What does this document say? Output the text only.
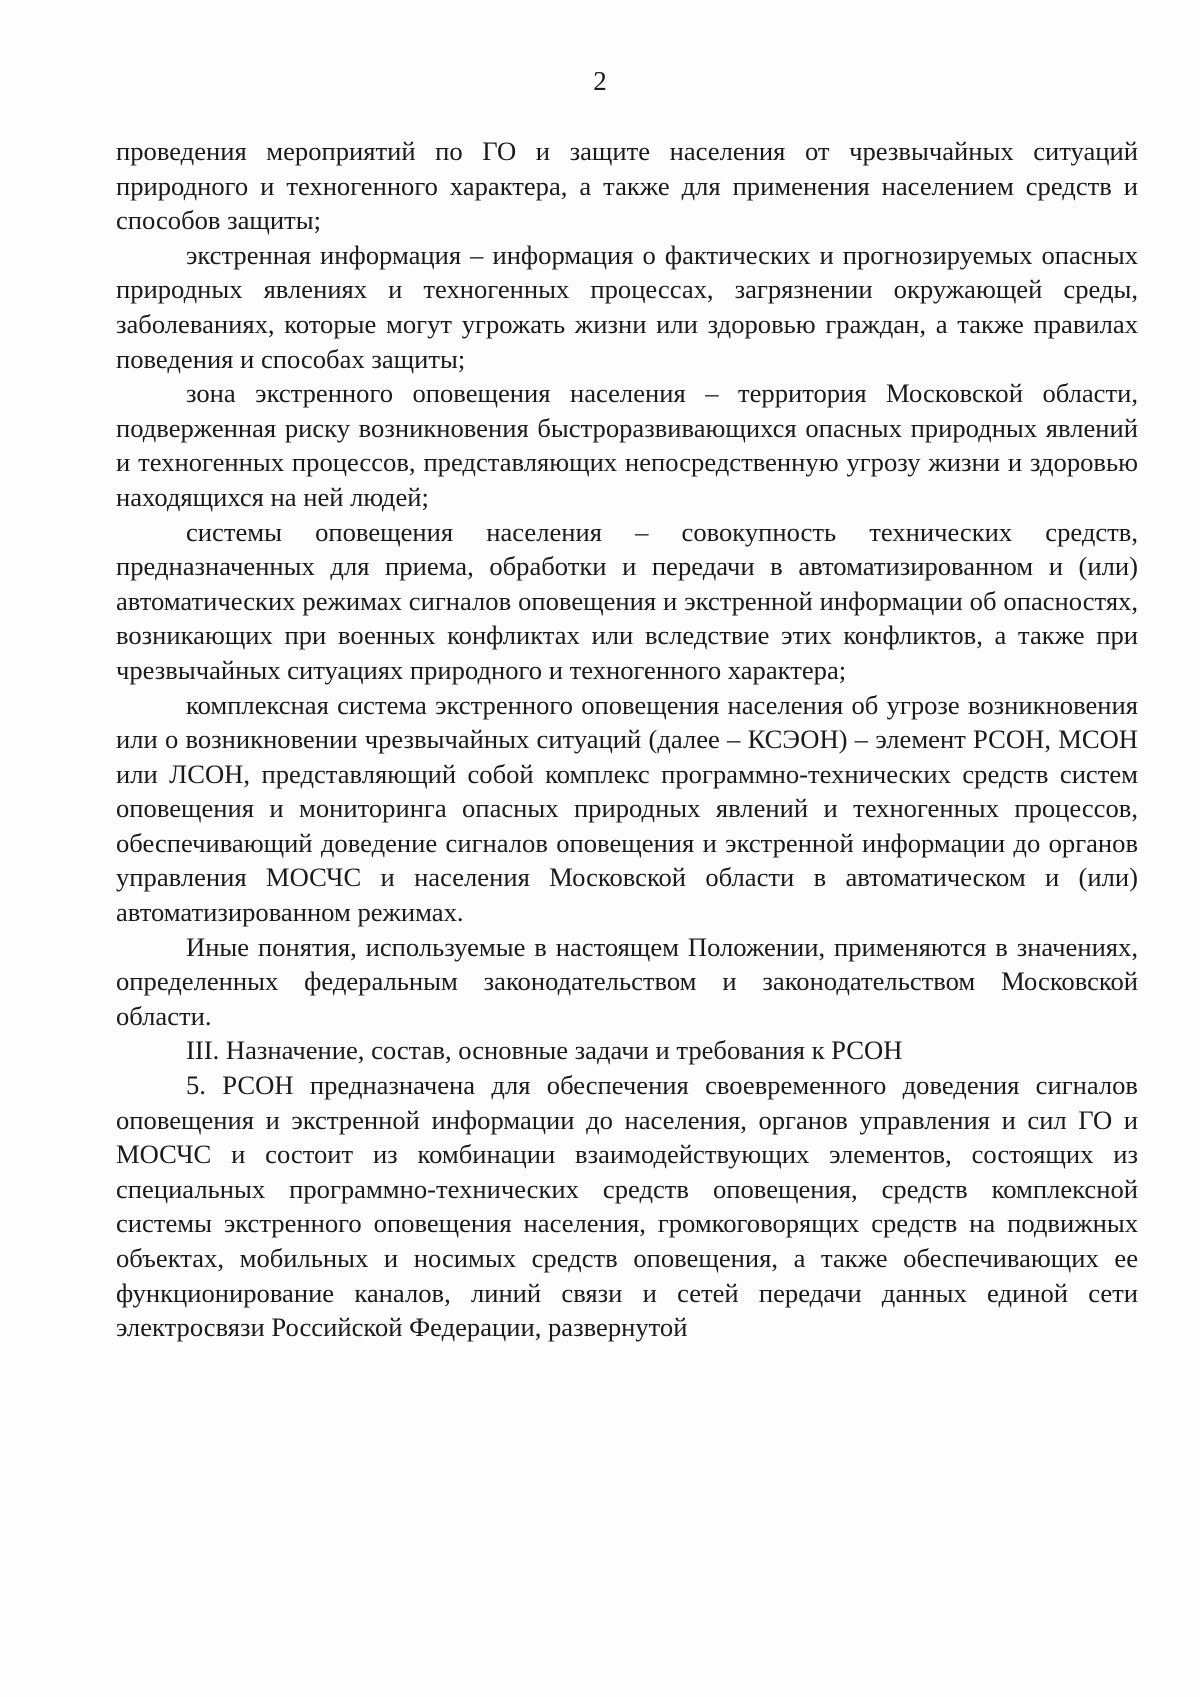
2

проведения мероприятий по ГО и защите населения от чрезвычайных ситуаций природного и техногенного характера, а также для применения населением средств и способов защиты;

экстренная информация – информация о фактических и прогнозируемых опасных природных явлениях и техногенных процессах, загрязнении окружающей среды, заболеваниях, которые могут угрожать жизни или здоровью граждан, а также правилах поведения и способах защиты;

зона экстренного оповещения населения – территория Московской области, подверженная риску возникновения быстроразвивающихся опасных природных явлений и техногенных процессов, представляющих непосредственную угрозу жизни и здоровью находящихся на ней людей;

системы оповещения населения – совокупность технических средств, предназначенных для приема, обработки и передачи в автоматизированном и (или) автоматических режимах сигналов оповещения и экстренной информации об опасностях, возникающих при военных конфликтах или вследствие этих конфликтов, а также при чрезвычайных ситуациях природного и техногенного характера;

комплексная система экстренного оповещения населения об угрозе возникновения или о возникновении чрезвычайных ситуаций (далее – КСЭОН) – элемент РСОН, МСОН или ЛСОН, представляющий собой комплекс программно-технических средств систем оповещения и мониторинга опасных природных явлений и техногенных процессов, обеспечивающий доведение сигналов оповещения и экстренной информации до органов управления МОСЧС и населения Московской области в автоматическом и (или) автоматизированном режимах.

Иные понятия, используемые в настоящем Положении, применяются в значениях, определенных федеральным законодательством и законодательством Московской области.

III. Назначение, состав, основные задачи и требования к РСОН

5. РСОН предназначена для обеспечения своевременного доведения сигналов оповещения и экстренной информации до населения, органов управления и сил ГО и МОСЧС и состоит из комбинации взаимодействующих элементов, состоящих из специальных программно-технических средств оповещения, средств комплексной системы экстренного оповещения населения, громкоговорящих средств на подвижных объектах, мобильных и носимых средств оповещения, а также обеспечивающих ее функционирование каналов, линий связи и сетей передачи данных единой сети электросвязи Российской Федерации, развернутой
